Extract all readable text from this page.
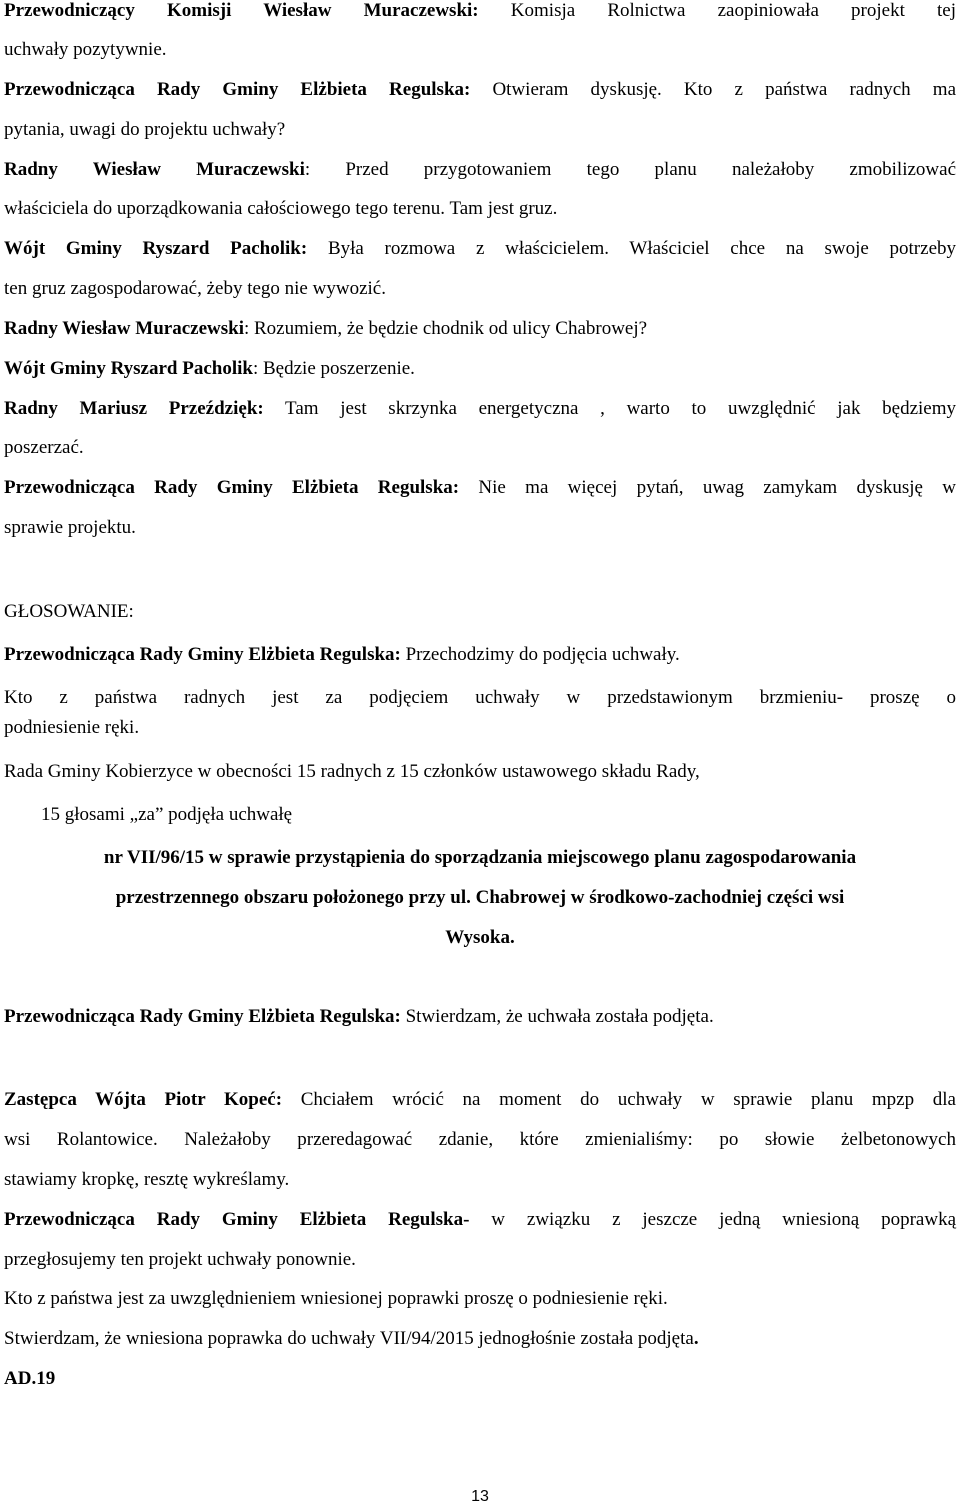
Przewodniczący Komisji Wiesław Muraczewski: Komisja Rolnictwa zaopiniowała projekt tej
uchwały pozytywnie.
Przewodnicząca Rady Gminy Elżbieta Regulska: Otwieram dyskusję. Kto z państwa radnych ma
pytania, uwagi do projektu uchwały?
Radny Wiesław Muraczewski: Przed przygotowaniem tego planu należałoby zmobilizować
właściciela do uporządkowania całościowego tego terenu. Tam jest gruz.
Wójt Gminy Ryszard Pacholik: Była rozmowa z właścicielem. Właściciel chce na swoje potrzeby
ten gruz zagospodarować, żeby tego nie wywozić.
Radny Wiesław Muraczewski: Rozumiem, że będzie chodnik od ulicy Chabrowej?
Wójt Gminy Ryszard Pacholik: Będzie poszerzenie.
Radny Mariusz Przeździęk: Tam jest skrzynka energetyczna , warto to uwzględnić jak będziemy
poszerzać.
Przewodnicząca Rady Gminy Elżbieta Regulska: Nie ma więcej pytań, uwag zamykam dyskusję w
sprawie projektu.
GŁOSOWANIE:
Przewodnicząca Rady Gminy Elżbieta Regulska: Przechodzimy do podjęcia uchwały.
Kto z państwa radnych jest za podjęciem uchwały w przedstawionym brzmieniu- proszę o
podniesienie ręki.
Rada Gminy Kobierzyce w obecności 15 radnych z 15 członków ustawowego składu Rady,
15 głosami „za” podjęła uchwałę
nr VII/96/15 w sprawie przystąpienia do sporządzania miejscowego planu zagospodarowania
przestrzennego obszaru położonego przy ul. Chabrowej w środkowo-zachodniej części wsi
Wysoka.
Przewodnicząca Rady Gminy Elżbieta Regulska: Stwierdzam, że uchwała została podjęta.
Zastępca Wójta Piotr Kopeć: Chciałem wrócić na moment do uchwały w sprawie planu mpzp dla
wsi Rolantowice. Należałoby przeredagować zdanie, które zmienialiśmy: po słowie żelbetonowych
stawiamy kropkę, resztę wykreślamy.
Przewodnicząca Rady Gminy Elżbieta Regulska- w związku z jeszcze jedną wniesioną poprawką
przegłosujemy ten projekt uchwały ponownie.
Kto z państwa jest za uwzględnieniem wniesionej poprawki proszę o podniesienie ręki.
Stwierdzam, że wniesiona poprawka do uchwały VII/94/2015 jednogłośnie została podjęta.
AD.19
13
